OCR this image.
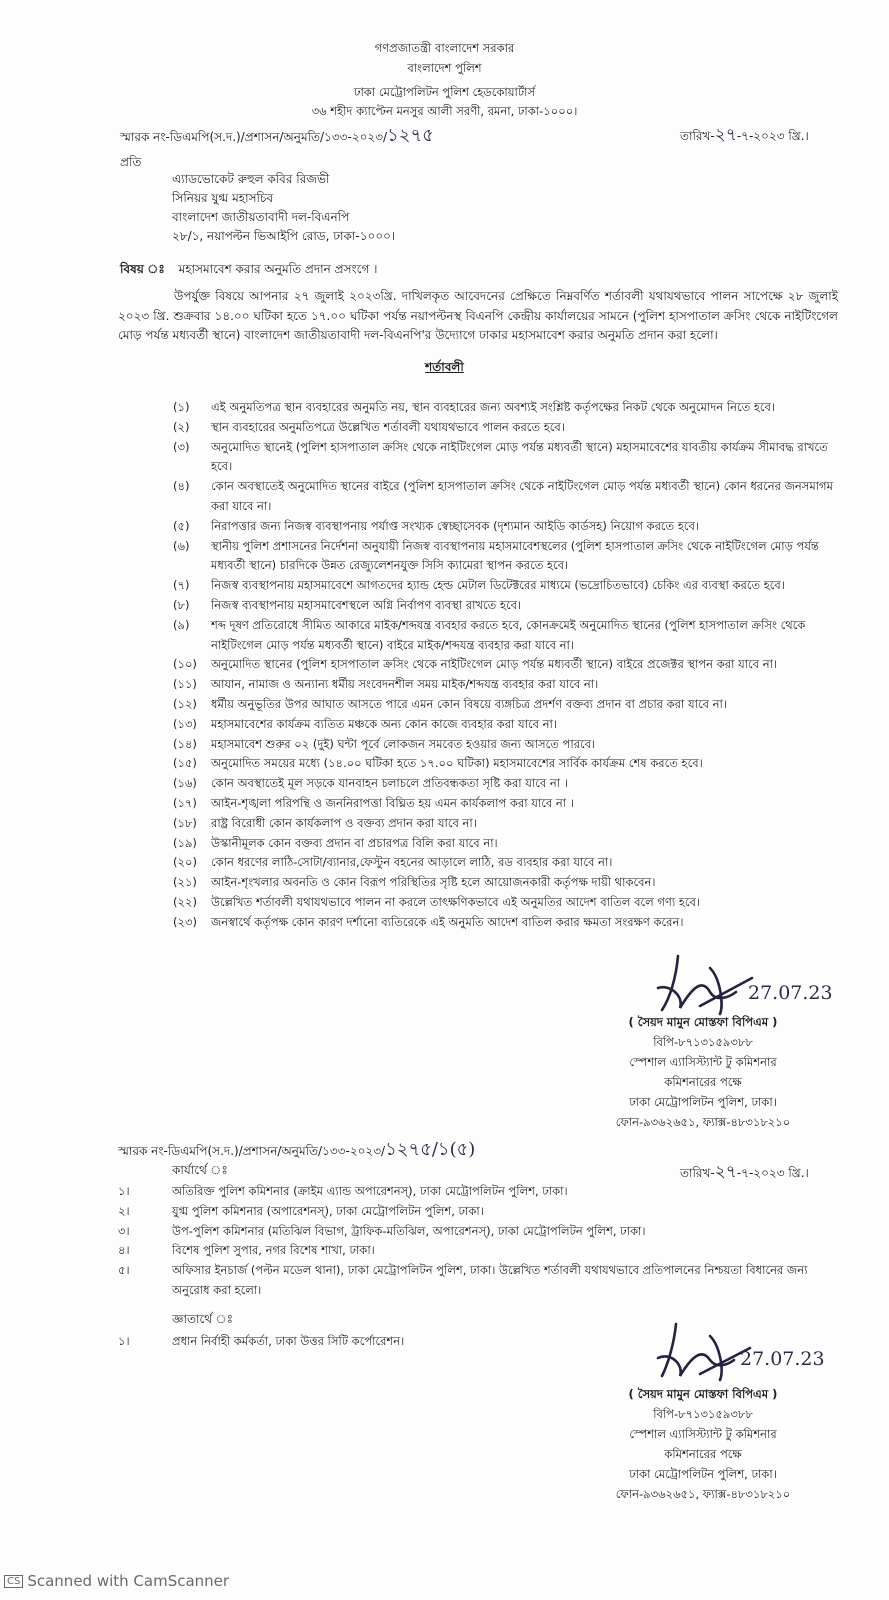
গণপ্রজাতন্ত্রী বাংলাদেশ সরকার
বাংলাদেশ পুলিশ
ঢাকা মেট্রোপলিটন পুলিশ হেডকোয়ার্টার্স
৩৬ শহীদ ক্যাপ্টেন মনসুর আলী সরণী, রমনা, ঢাকা-১০০০।
স্মারক নং-ডিএমপি(স.দ.)/প্রশাসন/অনুমতি/১৩৩-২০২৩/১২৭৫	তারিখ-২৭-৭-২০২৩ খ্রি.।
প্রতি
এ্যাডভোকেট রুহুল কবির রিজভী
সিনিয়র যুগ্ম মহাসচিব
বাংলাদেশ জাতীয়তাবাদী দল-বিএনপি
২৮/১, নয়াপল্টন ভিআইপি রোড, ঢাকা-১০০০।
বিষয় ঃ মহাসমাবেশ করার অনুমতি প্রদান প্রসংগে ।
উপর্যুক্ত বিষয়ে আপনার ২৭ জুলাই ২০২৩খ্রি. দাখিলকৃত আবেদনের প্রেক্ষিতে নিম্নবর্ণিত শর্তাবলী যথাযথভাবে পালন সাপেক্ষে ২৮ জুলাই ২০২৩ খ্রি. শুক্রবার ১৪.০০ ঘটিকা হতে ১৭.০০ ঘটিকা পর্যন্ত নয়াপল্টনস্থ বিএনপি কেন্দ্রীয় কার্যালয়ের সামনে (পুলিশ হাসপাতাল ক্রসিং থেকে নাইটিংগেল মোড় পর্যন্ত মধ্যবর্তী স্থানে) বাংলাদেশ জাতীয়তাবাদী দল-বিএনপি'র উদ্যোগে ঢাকার মহাসমাবেশ করার অনুমতি প্রদান করা হলো।
শর্তাবলী
(১)	এই অনুমতিপত্র স্থান ব্যবহারের অনুমতি নয়, স্থান ব্যবহারের জন্য অবশ্যই সংশ্লিষ্ট কর্তৃপক্ষের নিকট থেকে অনুমোদন নিতে হবে।
(২)	স্থান ব্যবহারের অনুমতিপত্রে উল্লেখিত শর্তাবলী যথাযথভাবে পালন করতে হবে।
(৩)	অনুমোদিত স্থানেই (পুলিশ হাসপাতাল ক্রসিং থেকে নাইটিংগেল মোড় পর্যন্ত মধ্যবর্তী স্থানে) মহাসমাবেশের যাবতীয় কার্যক্রম সীমাবদ্ধ রাখতে হবে।
(৪)	কোন অবস্থাতেই অনুমোদিত স্থানের বাইরে (পুলিশ হাসপাতাল ক্রসিং থেকে নাইটিংগেল মোড় পর্যন্ত মধ্যবর্তী স্থানে) কোন ধরনের জনসমাগম করা যাবে না।
(৫)	নিরাপত্তার জন্য নিজস্ব ব্যবস্থাপনায় পর্যাপ্ত সংখ্যক স্বেচ্ছাসেবক (দৃশ্যমান আইডি কার্ডসহ) নিয়োগ করতে হবে।
(৬)	স্থানীয় পুলিশ প্রশাসনের নির্দেশনা অনুযায়ী নিজস্ব ব্যবস্থাপনায় মহাসমাবেশস্থলের (পুলিশ হাসপাতাল ক্রসিং থেকে নাইটিংগেল মোড় পর্যন্ত মধ্যবর্তী স্থানে) চারদিকে উন্নত রেজ্যুলেশনযুক্ত সিসি ক্যামেরা স্থাপন করতে হবে।
(৭)	নিজস্ব ব্যবস্থাপনায় মহাসমাবেশে আগতদের হ্যান্ড হেল্ড মেটাল ডিটেক্টরের মাধ্যমে (ভদ্রোচিতভাবে) চেকিং এর ব্যবস্থা করতে হবে।
(৮)	নিজস্ব ব্যবস্থাপনায় মহাসমাবেশস্থলে অগ্নি নির্বাপণ ব্যবস্থা রাখতে হবে।
(৯)	শব্দ দূষণ প্রতিরোধে সীমিত আকারে মাইক/শব্দযন্ত্র ব্যবহার করতে হবে, কোনক্রমেই অনুমোদিত স্থানের (পুলিশ হাসপাতাল ক্রসিং থেকে নাইটিংগেল মোড় পর্যন্ত মধ্যবর্তী স্থানে) বাইরে মাইক/শব্দযন্ত্র ব্যবহার করা যাবে না।
(১০)	অনুমোদিত স্থানের (পুলিশ হাসপাতাল ক্রসিং থেকে নাইটিংগেল মোড় পর্যন্ত মধ্যবর্তী স্থানে) বাইরে প্রজেক্টর স্থাপন করা যাবে না।
(১১)	আযান, নামাজ ও অন্যান্য ধর্মীয় সংবেদনশীল সময় মাইক/শব্দযন্ত্র ব্যবহার করা যাবে না।
(১২)	ধর্মীয় অনুভূতির উপর আঘাত আসতে পারে এমন কোন বিষয়ে ব্যঙ্গচিত্র প্রদর্শণ বক্তব্য প্রদান বা প্রচার করা যাবে না।
(১৩)	মহাসমাবেশের কার্যক্রম ব্যতিত মঞ্চকে অন্য কোন কাজে ব্যবহার করা যাবে না।
(১৪)	মহাসমাবেশ শুরুর ০২ (দুই) ঘন্টা পূর্বে লোকজন সমবেত হওয়ার জন্য আসতে পারবে।
(১৫)	অনুমোদিত সময়ের মধ্যে (১৪.০০ ঘটিকা হতে ১৭.০০ ঘটিকা) মহাসমাবেশের সার্বিক কার্যক্রম শেষ করতে হবে।
(১৬)	কোন অবস্থাতেই মূল সড়কে যানবাহন চলাচলে প্রতিবন্ধকতা সৃষ্টি করা যাবে না ।
(১৭)	আইন-শৃঙ্খলা পরিপন্থি ও জননিরাপত্তা বিঘ্নিত হয় এমন কার্যকলাপ করা যাবে না ।
(১৮)	রাষ্ট্র বিরোধী কোন কার্যকলাপ ও বক্তব্য প্রদান করা যাবে না।
(১৯)	উস্কানীমূলক কোন বক্তব্য প্রদান বা প্রচারপত্র বিলি করা যাবে না।
(২০)	কোন ধরণের লাঠি-সোটা/ব্যানার,ফেস্টুন বহনের আড়ালে লাঠি, রড ব্যবহার করা যাবে না।
(২১)	আইন-শৃংখলার অবনতি ও কোন বিরূপ পরিস্থিতির সৃষ্টি হলে আয়োজনকারী কর্তৃপক্ষ দায়ী থাকবেন।
(২২)	উল্লেখিত শর্তাবলী যথাযথভাবে পালন না করলে তাৎক্ষণিকভাবে এই অনুমতির আদেশ বাতিল বলে গণ্য হবে।
(২৩)	জনস্বার্থে কর্তৃপক্ষ কোন কারণ দর্শানো ব্যতিরেকে এই অনুমতি আদেশ বাতিল করার ক্ষমতা সংরক্ষণ করেন।
27.07.23
( সৈয়দ মামুন মোস্তফা বিপিএম )
বিপি-৮৭১৩১৫৯৩৮৮
স্পেশাল এ্যাসিস্ট্যান্ট টু কমিশনার
কমিশনারের পক্ষে
ঢাকা মেট্রোপলিটন পুলিশ, ঢাকা।
ফোন-৯৩৬২৬৫১, ফ্যাক্স-৪৮৩১৮২১০
স্মারক নং-ডিএমপি(স.দ.)/প্রশাসন/অনুমতি/১৩৩-২০২৩/১২৭৫/১(৫)
তারিখ-২৭-৭-২০২৩ খ্রি.।
কার্যার্থে ঃ
১।	অতিরিক্ত পুলিশ কমিশনার (ক্রাইম এ্যান্ড অপারেশনস্), ঢাকা মেট্রোপলিটন পুলিশ, ঢাকা।
২।	যুগ্ম পুলিশ কমিশনার (অপারেশনস্), ঢাকা মেট্রোপলিটন পুলিশ, ঢাকা।
৩।	উপ-পুলিশ কমিশনার (মতিঝিল বিভাগ, ট্রাফিক-মতিঝিল, অপারেশনস্), ঢাকা মেট্রোপলিটন পুলিশ, ঢাকা।
৪।	বিশেষ পুলিশ সুপার, নগর বিশেষ শাখা, ঢাকা।
৫।	অফিসার ইনচার্জ (পল্টন মডেল থানা), ঢাকা মেট্রোপলিটন পুলিশ, ঢাকা। উল্লেখিত শর্তাবলী যথাযথভাবে প্রতিপালনের নিশ্চয়তা বিধানের জন্য অনুরোধ করা হলো।
জ্ঞাতার্থে ঃ
১।	প্রধান নির্বাহী কর্মকর্তা, ঢাকা উত্তর সিটি কর্পোরেশন।
27.07.23
( সৈয়দ মামুন মোস্তফা বিপিএম )
বিপি-৮৭১৩১৫৯৩৮৮
স্পেশাল এ্যাসিস্ট্যান্ট টু কমিশনার
কমিশনারের পক্ষে
ঢাকা মেট্রোপলিটন পুলিশ, ঢাকা।
ফোন-৯৩৬২৬৫১, ফ্যাক্স-৪৮৩১৮২১০
CS Scanned with CamScanner
